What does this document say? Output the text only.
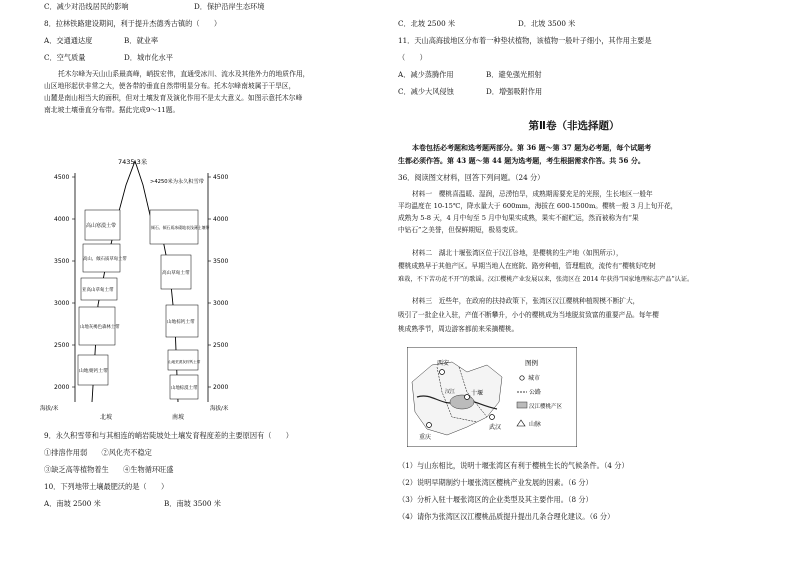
C．减少对沿线居民的影响	D．保护沿岸生态环境
8．拉林铁路建设期间，利于提升杰德秀古镇的（　　）
A．交通通达度	B．就业率
C．空气质量	D．城市化水平
托木尔峰为天山山系最高峰，峭拔宏伟，直通受冰川、流水及其他外力的地质作用，
山区地形起伏非常之大，使各带的垂直自然带明显分布。托木尔峰南坡属于干旱区，
山麓是南山相当大的面积，但对土壤发育及演化作用不是太大意义。如图示意托木尔峰
南北坡土壤垂直分布带。据此完成9～11题。
9．永久积雪带和与其相连的峭岩陡坡处土壤发育程度差的主要原因有（　　）
①排溶作用弱　　②风化壳不稳定
③缺乏高等植物着生　　④生物循环旺盛
10．下列地带土壤最肥沃的是（　　）
A．南坡 2500 米	B．南坡 3500 米
4500	4500
4000	4000
3500	3500
3000	3000
2500	2500
2000	2000
7435.3米
>4250米为永久积雪带
高山寒漠土带
高山、倾石质草甸土带
亚高山草甸土带
山地灰褐色森林土带
山地栗钙土带
倾石、倾石质冰碛地表浅薄土壤带
高山草甸土带
山地棕钙土带
山地荒漠灰棕钙土带
山地棕漠土带
海拔/米	海拔/米
北坡	南坡
C．北坡 2500 米	D．北坡 3500 米
11．天山高海拔地区分布着一种垫状植物，该植物一般叶子细小，其作用主要是
（　　）
A．减少蒸腾作用	B．避免强光照射
C．减少大风侵蚀	D．增强吸附作用
第Ⅱ卷（非选择题）
本卷包括必考题和选考题两部分。第 36 题～第 37 题为必考题，每个试题考
生都必须作答。第 43 题～第 44 题为选考题，考生根据需求作答。共 56 分。
36．阅读图文材料，回答下列问题。（24 分）
材料一　樱桃喜温暖、湿润，忌涝怕旱，成熟期需要充足的光照，生长地区一般年
平均温度在 10-15℃，降水量大于 600mm，海拔在 600-1500m。樱桃一般 3 月上旬开花，
成熟为 5-8 天，4 月中旬至 5 月中旬果实成熟，果实不耐贮运，然而被称为有“果
中钻石”之美誉，但保鲜期短，极易变质。
材料二　湖北十堰张湾区位于汉江谷地，是樱桃的生产地（如图所示），
樱桃成熟早于其他产区。早期当地人在庭院、路旁种植，管理粗放，流传有“樱桃好吃树
难栽，不下苦功花不开”的歌谣。汉江樱桃产业发展以来，张湾区在 2014 年获得“国家地理标志产品”认证。
材料三　近些年，在政府的扶持政策下，张湾区汉江樱桃种植规模不断扩大，
吸引了一批企业入驻，产值不断攀升，小小的樱桃成为当地脱贫致富的重要产品。每年樱
桃成熟季节，周边游客都前来采摘樱桃。
（1）与山东相比，说明十堰张湾区有利于樱桃生长的气候条件。（4 分）
（2）说明早期制约十堰张湾区樱桃产业发展的因素。（6 分）
（3）分析入驻十堰张湾区的企业类型及其主要作用。（8 分）
（4）请你为张湾区汉江樱桃品质提升提出几条合理化建议。（6 分）
西安
十堰
武汉
重庆
汉江
图例
城市
公路
汉江樱桃产区
山脉
